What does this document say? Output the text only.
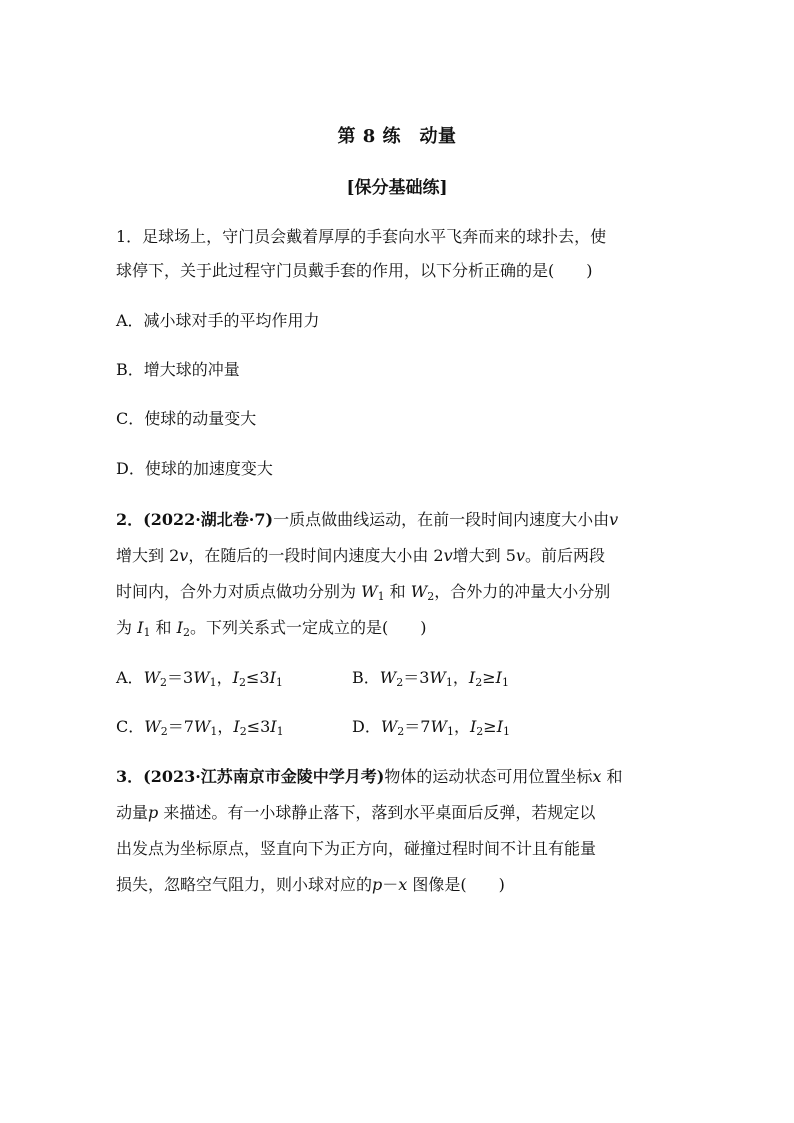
第 8 练　动量
[保分基础练]
1．足球场上，守门员会戴着厚厚的手套向水平飞奔而来的球扑去，使
球停下，关于此过程守门员戴手套的作用，以下分析正确的是(　　)
A．减小球对手的平均作用力
B．增大球的冲量
C．使球的动量变大
D．使球的加速度变大
2．(2022·湖北卷·7)一质点做曲线运动，在前一段时间内速度大小由v
增大到 2v，在随后的一段时间内速度大小由 2v增大到 5v。前后两段
时间内，合外力对质点做功分别为 $W_1$ 和 $W_2$，合外力的冲量大小分别
为 $I_1$ 和 $I_2$。下列关系式一定成立的是(　　)
A．$W_2=3W_1$，$I_2\le 3I_1$	B．$W_2=3W_1$，$I_2\ge I_1$
C．$W_2=7W_1$，$I_2\le 3I_1$	D．$W_2=7W_1$，$I_2\ge I_1$
3．(2023·江苏南京市金陵中学月考)物体的运动状态可用位置坐标x 和
动量p 来描述。有一小球静止落下，落到水平桌面后反弹，若规定以
出发点为坐标原点，竖直向下为正方向，碰撞过程时间不计且有能量
损失，忽略空气阻力，则小球对应的p－x 图像是(　　)
